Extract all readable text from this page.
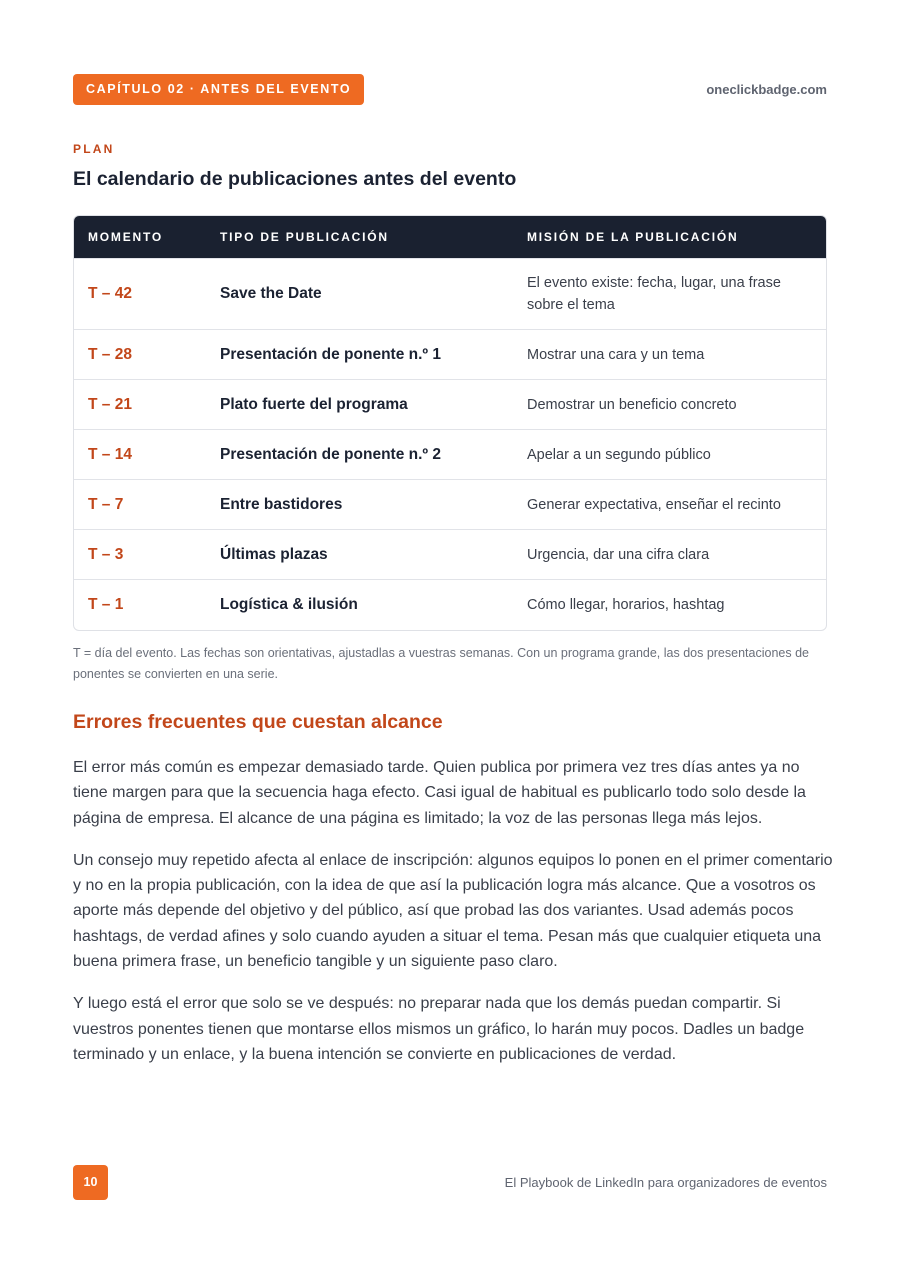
CAPÍTULO 02 · ANTES DEL EVENTO	oneclickbadge.com
PLAN
El calendario de publicaciones antes del evento
MOMENTO	TIPO DE PUBLICACIÓN	MISIÓN DE LA PUBLICACIÓN
T – 42	Save the Date	El evento existe: fecha, lugar, una frase sobre el tema
T – 28	Presentación de ponente n.º 1	Mostrar una cara y un tema
T – 21	Plato fuerte del programa	Demostrar un beneficio concreto
T – 14	Presentación de ponente n.º 2	Apelar a un segundo público
T – 7	Entre bastidores	Generar expectativa, enseñar el recinto
T – 3	Últimas plazas	Urgencia, dar una cifra clara
T – 1	Logística & ilusión	Cómo llegar, horarios, hashtag

T = día del evento. Las fechas son orientativas, ajustadlas a vuestras semanas. Con un programa grande, las dos presentaciones de ponentes se convierten en una serie.

Errores frecuentes que cuestan alcance

El error más común es empezar demasiado tarde. Quien publica por primera vez tres días antes ya no tiene margen para que la secuencia haga efecto. Casi igual de habitual es publicarlo todo solo desde la página de empresa. El alcance de una página es limitado; la voz de las personas llega más lejos.

Un consejo muy repetido afecta al enlace de inscripción: algunos equipos lo ponen en el primer comentario y no en la propia publicación, con la idea de que así la publicación logra más alcance. Que a vosotros os aporte más depende del objetivo y del público, así que probad las dos variantes. Usad además pocos hashtags, de verdad afines y solo cuando ayuden a situar el tema. Pesan más que cualquier etiqueta una buena primera frase, un beneficio tangible y un siguiente paso claro.

Y luego está el error que solo se ve después: no preparar nada que los demás puedan compartir. Si vuestros ponentes tienen que montarse ellos mismos un gráfico, lo harán muy pocos. Dadles un badge terminado y un enlace, y la buena intención se convierte en publicaciones de verdad.

10	El Playbook de LinkedIn para organizadores de eventos
